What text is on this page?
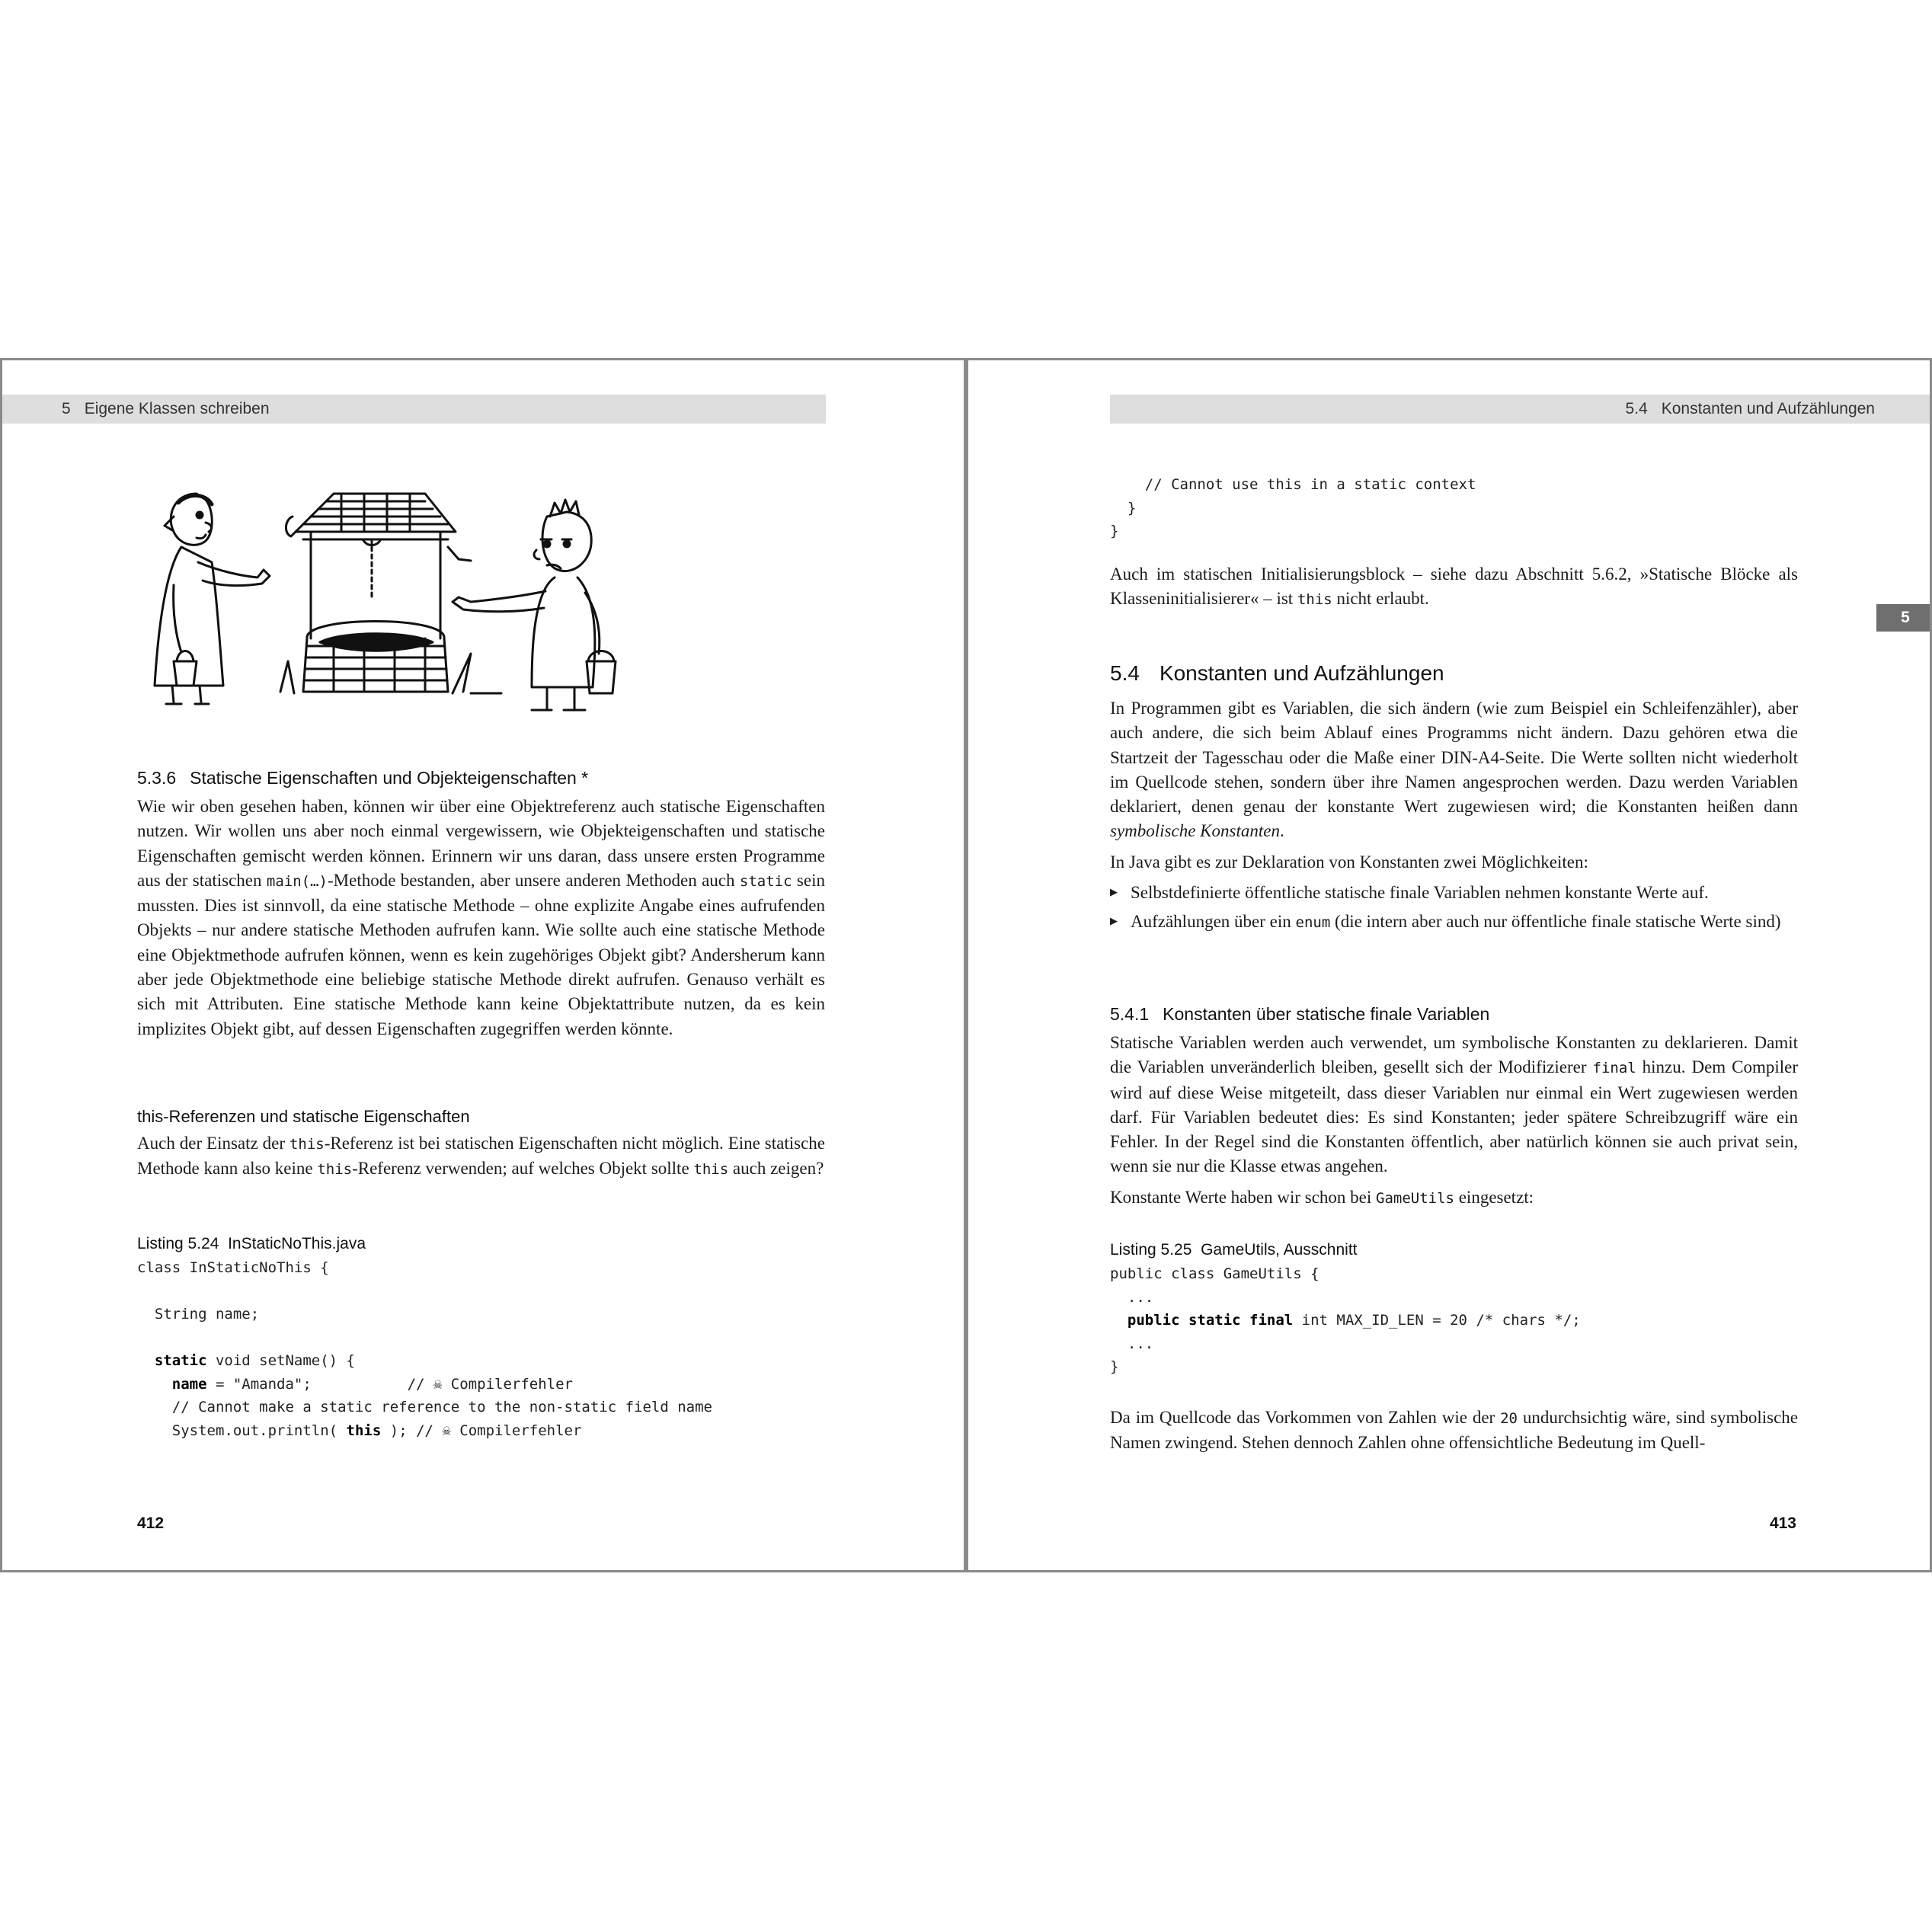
5 Eigene Klassen schreiben
5.3.6 Statische Eigenschaften und Objekteigenschaften *

Wie wir oben gesehen haben, können wir über eine Objektreferenz auch statische Eigenschaften nutzen. Wir wollen uns aber noch einmal vergewissern, wie Objekteigenschaften und statische Eigenschaften gemischt werden können. Erinnern wir uns daran, dass unsere ersten Programme aus der statischen main(…)-Methode bestanden, aber unsere anderen Methoden auch static sein mussten. Dies ist sinnvoll, da eine statische Methode – ohne explizite Angabe eines aufrufenden Objekts – nur andere statische Methoden aufrufen kann. Wie sollte auch eine statische Methode eine Objektmethode aufrufen können, wenn es kein zugehöriges Objekt gibt? Andersherum kann aber jede Objektmethode eine beliebige statische Methode direkt aufrufen. Genauso verhält es sich mit Attributen. Eine statische Methode kann keine Objektattribute nutzen, da es kein implizites Objekt gibt, auf dessen Eigenschaften zugegriffen werden könnte.

this-Referenzen und statische Eigenschaften

Auch der Einsatz der this-Referenz ist bei statischen Eigenschaften nicht möglich. Eine statische Methode kann also keine this-Referenz verwenden; auf welches Objekt sollte this auch zeigen?

Listing 5.24 InStaticNoThis.java
class InStaticNoThis {
String name;
static void setName() {
name = "Amanda";           // ☠ Compilerfehler
// Cannot make a static reference to the non-static field name
System.out.println( this ); // ☠ Compilerfehler
412
5.4 Konstanten und Aufzählungen
5
// Cannot use this in a static context
}
}

Auch im statischen Initialisierungsblock – siehe dazu Abschnitt 5.6.2, »Statische Blöcke als Klasseninitialisierer« – ist this nicht erlaubt.

5.4 Konstanten und Aufzählungen

In Programmen gibt es Variablen, die sich ändern (wie zum Beispiel ein Schleifenzähler), aber auch andere, die sich beim Ablauf eines Programms nicht ändern. Dazu gehören etwa die Startzeit der Tagesschau oder die Maße einer DIN-A4-Seite. Die Werte sollten nicht wiederholt im Quellcode stehen, sondern über ihre Namen angesprochen werden. Dazu werden Variablen deklariert, denen genau der konstante Wert zugewiesen wird; die Konstanten heißen dann symbolische Konstanten.

In Java gibt es zur Deklaration von Konstanten zwei Möglichkeiten:

▶ Selbstdefinierte öffentliche statische finale Variablen nehmen konstante Werte auf.
▶ Aufzählungen über ein enum (die intern aber auch nur öffentliche finale statische Werte sind)
5.4.1 Konstanten über statische finale Variablen

Statische Variablen werden auch verwendet, um symbolische Konstanten zu deklarieren. Damit die Variablen unveränderlich bleiben, gesellt sich der Modifizierer final hinzu. Dem Compiler wird auf diese Weise mitgeteilt, dass dieser Variablen nur einmal ein Wert zugewiesen werden darf. Für Variablen bedeutet dies: Es sind Konstanten; jeder spätere Schreibzugriff wäre ein Fehler. In der Regel sind die Konstanten öffentlich, aber natürlich können sie auch privat sein, wenn sie nur die Klasse etwas angehen.

Konstante Werte haben wir schon bei GameUtils eingesetzt:

Listing 5.25 GameUtils, Ausschnitt
public class GameUtils {
...
public static final int MAX_ID_LEN = 20 /* chars */;
...
}

Da im Quellcode das Vorkommen von Zahlen wie der 20 undurchsichtig wäre, sind symbolische Namen zwingend. Stehen dennoch Zahlen ohne offensichtliche Bedeutung im Quell-

413
